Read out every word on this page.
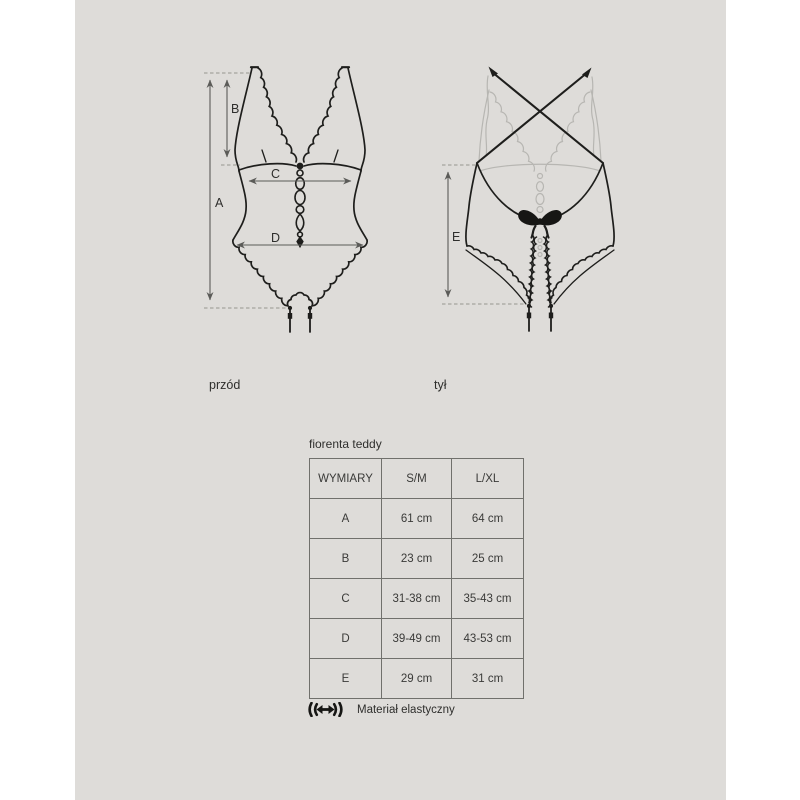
A
B
C
D	E
przód	tył
fiorenta teddy
WYMIARY	S/M	L/XL
A	61 cm	64 cm
B	23 cm	25 cm
C	31-38 cm	35-43 cm
D	39-49 cm	43-53 cm
E	29 cm	31 cm
Materiał elastyczny
